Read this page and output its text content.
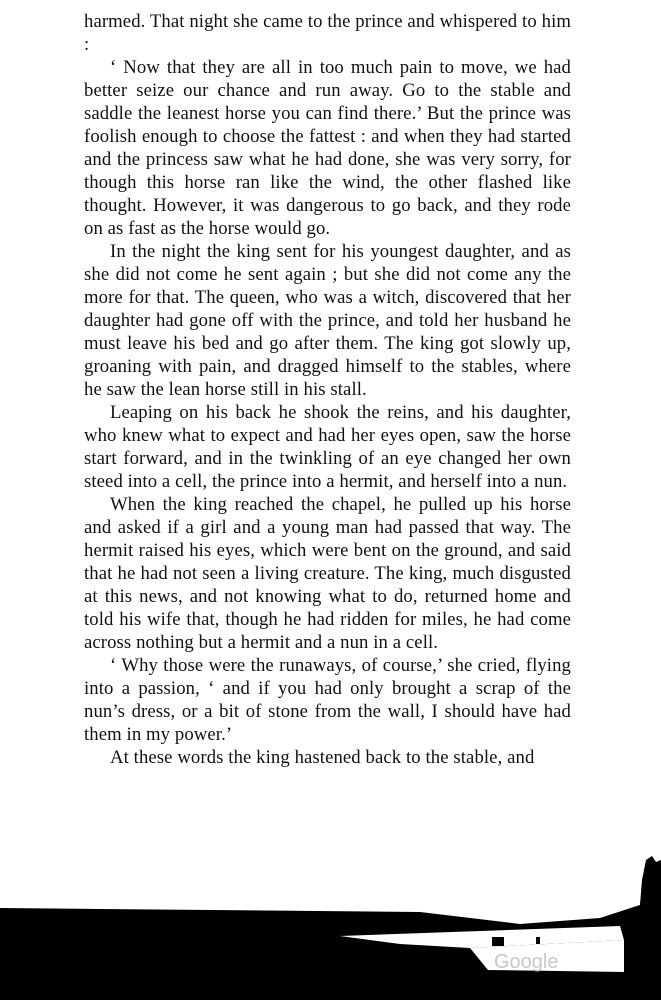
harmed. That night she came to the prince and whispered to him :

‘ Now that they are all in too much pain to move, we had better seize our chance and run away. Go to the stable and saddle the leanest horse you can find there.’ But the prince was foolish enough to choose the fattest : and when they had started and the princess saw what he had done, she was very sorry, for though this horse ran like the wind, the other flashed like thought. However, it was dangerous to go back, and they rode on as fast as the horse would go.

In the night the king sent for his youngest daughter, and as she did not come he sent again ; but she did not come any the more for that. The queen, who was a witch, discovered that her daughter had gone off with the prince, and told her husband he must leave his bed and go after them. The king got slowly up, groaning with pain, and dragged himself to the stables, where he saw the lean horse still in his stall.

Leaping on his back he shook the reins, and his daughter, who knew what to expect and had her eyes open, saw the horse start forward, and in the twinkling of an eye changed her own steed into a cell, the prince into a hermit, and herself into a nun.

When the king reached the chapel, he pulled up his horse and asked if a girl and a young man had passed that way. The hermit raised his eyes, which were bent on the ground, and said that he had not seen a living creature. The king, much disgusted at this news, and not knowing what to do, returned home and told his wife that, though he had ridden for miles, he had come across nothing but a hermit and a nun in a cell.

‘ Why those were the runaways, of course,’ she cried, flying into a passion, ‘ and if you had only brought a scrap of the nun’s dress, or a bit of stone from the wall, I should have had them in my power.’

At these words the king hastened back to the stable, and

Google
